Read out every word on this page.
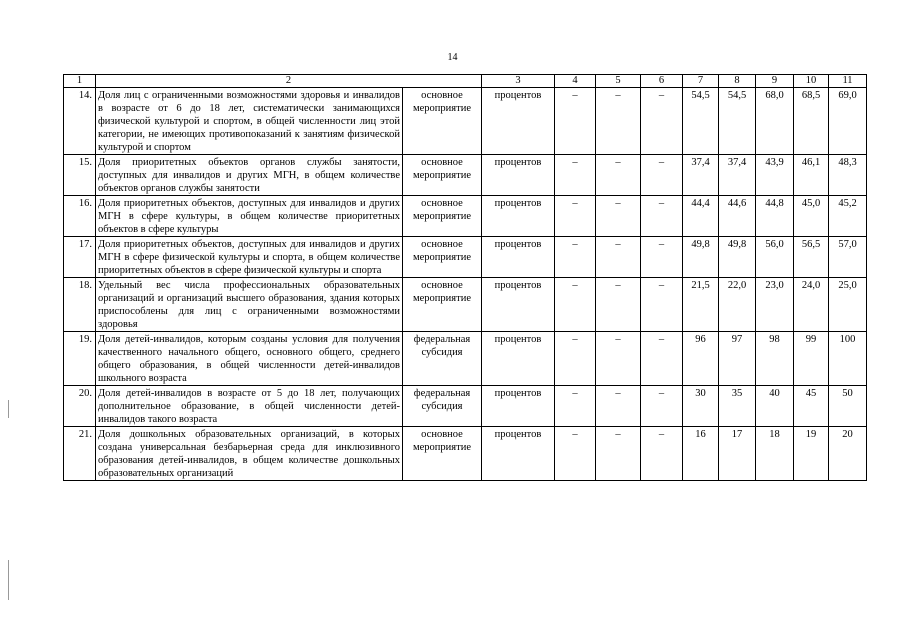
14
1	2		3	4	5	6	7	8	9	10	11
14.	Доля лиц с ограниченными возможностями здоровья и инвалидов в возрасте от 6 до 18 лет, систематически занимающихся физической культурой и спортом, в общей численности лиц этой категории, не имеющих противопоказаний к занятиям физической культурой и спортом	основное мероприятие	процентов	–	–	–	54,5	54,5	68,0	68,5	69,0
15.	Доля приоритетных объектов органов службы занятости, доступных для инвалидов и других МГН, в общем количестве объектов органов службы занятости	основное мероприятие	процентов	–	–	–	37,4	37,4	43,9	46,1	48,3
16.	Доля приоритетных объектов, доступных для инвалидов и других МГН в сфере культуры, в общем количестве приоритетных объектов в сфере культуры	основное мероприятие	процентов	–	–	–	44,4	44,6	44,8	45,0	45,2
17.	Доля приоритетных объектов, доступных для инвалидов и других МГН в сфере физической культуры и спорта, в общем количестве приоритетных объектов в сфере физической культуры и спорта	основное мероприятие	процентов	–	–	–	49,8	49,8	56,0	56,5	57,0
18.	Удельный вес числа профессиональных образовательных организаций и организаций высшего образования, здания которых приспособлены для лиц с ограниченными возможностями здоровья	основное мероприятие	процентов	–	–	–	21,5	22,0	23,0	24,0	25,0
19.	Доля детей-инвалидов, которым созданы условия для получения качественного начального общего, основного общего, среднего общего образования, в общей численности детей-инвалидов школьного возраста	федеральная субсидия	процентов	–	–	–	96	97	98	99	100
20.	Доля детей-инвалидов в возрасте от 5 до 18 лет, получающих дополнительное образование, в общей численности детей-инвалидов такого возраста	федеральная субсидия	процентов	–	–	–	30	35	40	45	50
21.	Доля дошкольных образовательных организаций, в которых создана универсальная безбарьерная среда для инклюзивного образования детей-инвалидов, в общем количестве дошкольных образовательных организаций	основное мероприятие	процентов	–	–	–	16	17	18	19	20
